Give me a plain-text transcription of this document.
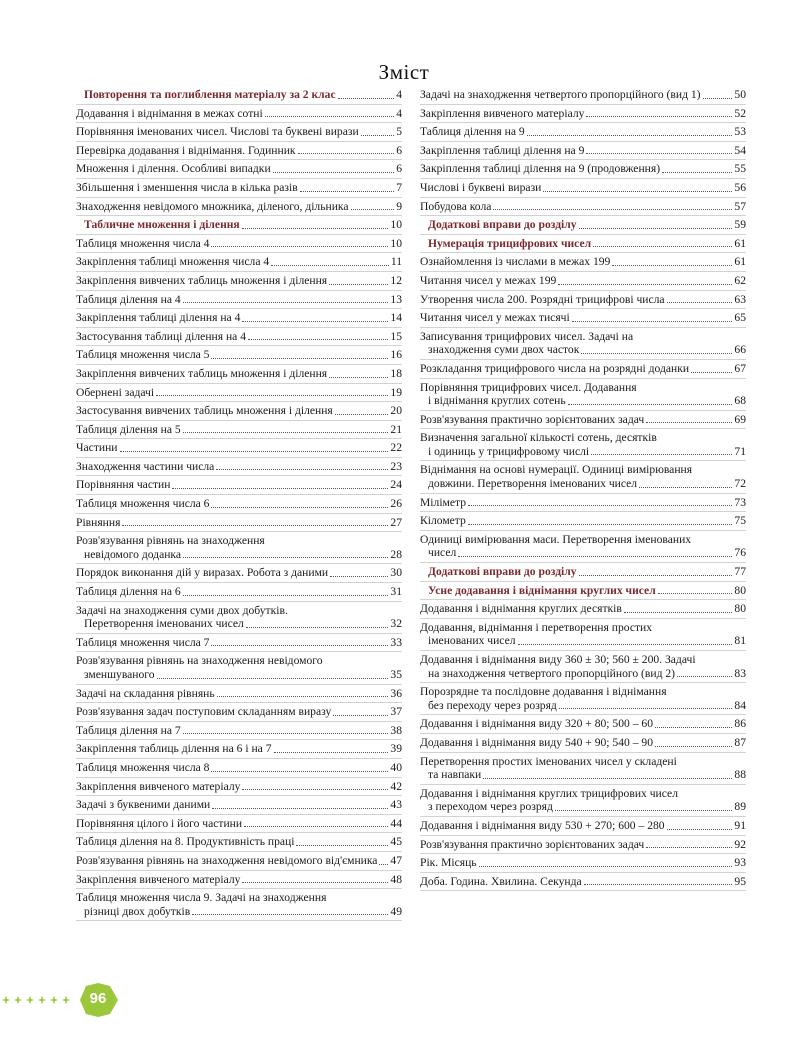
Зміст
Повторення та поглиблення матеріалу за 2 клас	4
Додавання і віднімання в межах сотні	4
Порівняння іменованих чисел. Числові та буквені вирази	5
Перевірка додавання і віднімання. Годинник	6
Множення і ділення. Особливі випадки	6
Збільшення і зменшення числа в кілька разів	7
Знаходження невідомого множника, діленого, дільника	9
Табличне множення і ділення	10
Таблиця множення числа 4	10
Закріплення таблиці множення числа 4	11
Закріплення вивчених таблиць множення і ділення	12
Таблиця ділення на 4	13
Закріплення таблиці ділення на 4	14
Застосування таблиці ділення на 4	15
Таблиця множення числа 5	16
Закріплення вивчених таблиць множення і ділення	18
Обернені задачі	19
Застосування вивчених таблиць множення і ділення	20
Таблиця ділення на 5	21
Частини	22
Знаходження частини числа	23
Порівняння частин	24
Таблиця множення числа 6	26
Рівняння	27
Розв'язування рівнянь на знаходження
невідомого доданка	28
Порядок виконання дій у виразах. Робота з даними	30
Таблиця ділення на 6	31
Задачі на знаходження суми двох добутків.
Перетворення іменованих чисел	32
Таблиця множення числа 7	33
Розв'язування рівнянь на знаходження невідомого
зменшуваного	35
Задачі на складання рівнянь	36
Розв'язування задач поступовим складанням виразу	37
Таблиця ділення на 7	38
Закріплення таблиць ділення на 6 і на 7	39
Таблиця множення числа 8	40
Закріплення вивченого матеріалу	42
Задачі з буквеними даними	43
Порівняння цілого і його частини	44
Таблиця ділення на 8. Продуктивність праці	45
Розв'язування рівнянь на знаходження невідомого від'ємника 47
Закріплення вивченого матеріалу	48
Таблиця множення числа 9. Задачі на знаходження
різниці двох добутків	49
Задачі на знаходження четвертого пропорційного (вид 1)	50
Закріплення вивченого матеріалу	52
Таблиця ділення на 9	53
Закріплення таблиці ділення на 9	54
Закріплення таблиці ділення на 9 (продовження)	55
Числові і буквені вирази	56
Побудова кола	57
Додаткові вправи до розділу	59
Нумерація трицифрових чисел	61
Ознайомлення із числами в межах 199	61
Читання чисел у межах 199	62
Утворення числа 200. Розрядні трицифрові числа	63
Читання чисел у межах тисячі	65
Записування трицифрових чисел. Задачі на
знаходження суми двох часток	66
Розкладання трицифрового числа на розрядні доданки	67
Порівняння трицифрових чисел. Додавання
і віднімання круглих сотень	68
Розв'язування практично зорієнтованих задач	69
Визначення загальної кількості сотень, десятків
і одиниць у трицифровому числі	71
Віднімання на основі нумерації. Одиниці вимірювання
довжини. Перетворення іменованих чисел	72
Міліметр	73
Кілометр	75
Одиниці вимірювання маси. Перетворення іменованих
чисел	76
Додаткові вправи до розділу	77
Усне додавання і віднімання круглих чисел	80
Додавання і віднімання круглих десятків	80
Додавання, віднімання і перетворення простих
іменованих чисел	81
Додавання і віднімання виду 360 ± 30; 560 ± 200. Задачі
на знаходження четвертого пропорційного (вид 2)	83
Порозрядне та послідовне додавання і віднімання
без переходу через розряд	84
Додавання і віднімання виду 320 + 80; 500 – 60	86
Додавання і віднімання виду 540 + 90; 540 – 90	87
Перетворення простих іменованих чисел у складені
та навпаки	88
Додавання і віднімання круглих трицифрових чисел
з переходом через розряд	89
Додавання і віднімання виду 530 + 270; 600 – 280	91
Розв'язування практично зорієнтованих задач	92
Рік. Місяць	93
Доба. Година. Хвилина. Секунда	95
96
